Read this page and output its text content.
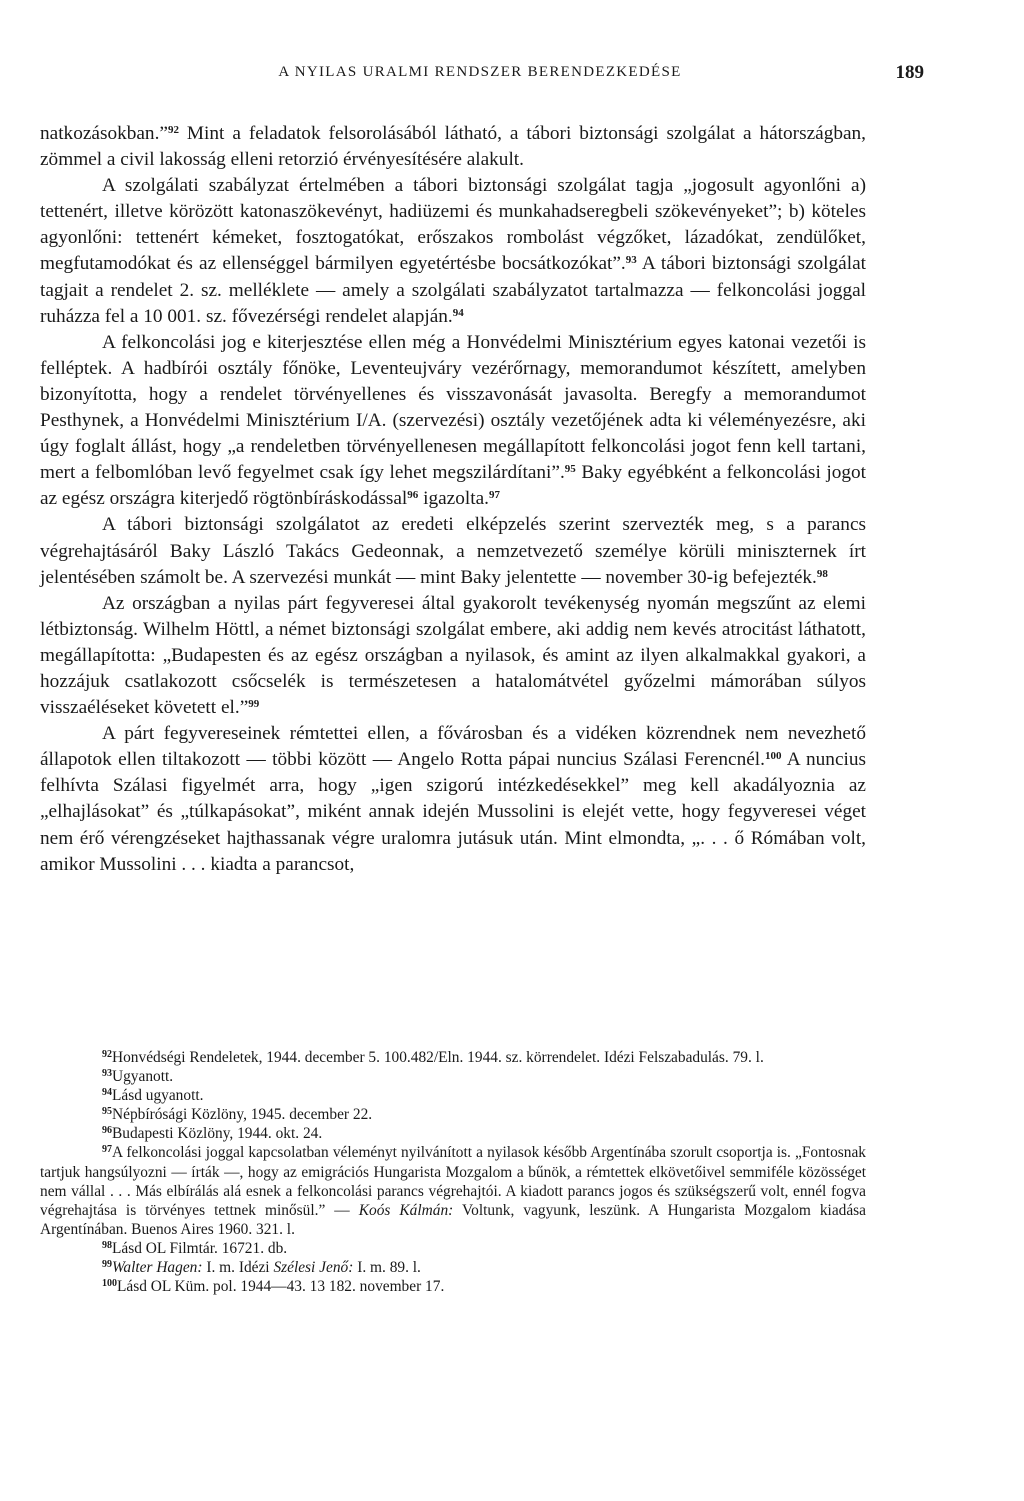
A NYILAS URALMI RENDSZER BERENDEZKEDÉSE	189

natkozásokban.”$^{92}$ Mint a feladatok felsorolásából látható, a tábori biztonsági szolgálat a hátországban, zömmel a civil lakosság elleni retorzió érvényesítésére alakult.

A szolgálati szabályzat értelmében a tábori biztonsági szolgálat tagja „jogosult agyonlőni a) tettenért, illetve körözött katonaszökevényt, hadiüzemi és munkahadseregbeli szökevényeket”; b) köteles agyonlőni: tettenért kémeket, fosztogatókat, erőszakos rombolást végzőket, lázadókat, zendülőket, megfutamodókat és az ellenséggel bármilyen egyetértésbe bocsátkozókat”.$^{93}$ A tábori biztonsági szolgálat tagjait a rendelet 2. sz. melléklete — amely a szolgálati szabályzatot tartalmazza — felkoncolási joggal ruházza fel a 10 001. sz. fővezérségi rendelet alapján.$^{94}$

A felkoncolási jog e kiterjesztése ellen még a Honvédelmi Minisztérium egyes katonai vezetői is felléptek. A hadbírói osztály főnöke, Leventeujváry vezérőrnagy, memorandumot készített, amelyben bizonyította, hogy a rendelet törvényellenes és visszavonását javasolta. Beregfy a memorandumot Pesthynek, a Honvédelmi Minisztérium I/A. (szervezési) osztály vezetőjének adta ki véleményezésre, aki úgy foglalt állást, hogy „a rendeletben törvényellenesen megállapított felkoncolási jogot fenn kell tartani, mert a felbomlóban levő fegyelmet csak így lehet megszilárdítani”.$^{95}$ Baky egyébként a felkoncolási jogot az egész országra kiterjedő rögtönbíráskodással$^{96}$ igazolta.$^{97}$

A tábori biztonsági szolgálatot az eredeti elképzelés szerint szervezték meg, s a parancs végrehajtásáról Baky László Takács Gedeonnak, a nemzetvezető személye körüli miniszternek írt jelentésében számolt be. A szervezési munkát — mint Baky jelentette — november 30-ig befejezték.$^{98}$

Az országban a nyilas párt fegyveresei által gyakorolt tevékenység nyomán megszűnt az elemi létbiztonság. Wilhelm Höttl, a német biztonsági szolgálat embere, aki addig nem kevés atrocitást láthatott, megállapította: „Budapesten és az egész országban a nyilasok, és amint az ilyen alkalmakkal gyakori, a hozzájuk csatlakozott csőcselék is természetesen a hatalomátvétel győzelmi mámorában súlyos visszaéléseket követett el.”$^{99}$

A párt fegyvereseinek rémtettei ellen, a fővárosban és a vidéken közrendnek nem nevezhető állapotok ellen tiltakozott — többi között — Angelo Rotta pápai nuncius Szálasi Ferencnél.$^{100}$ A nuncius felhívta Szálasi figyelmét arra, hogy „igen szigorú intézkedésekkel” meg kell akadályoznia az „elhajlásokat” és „túlkapásokat”, miként annak idején Mussolini is elejét vette, hogy fegyveresei véget nem érő vérengzéseket hajthassanak végre uralomra jutásuk után. Mint elmondta, „. . . ő Rómában volt, amikor Mussolini . . . kiadta a parancsot,

$^{92}$Honvédségi Rendeletek, 1944. december 5. 100.482/Eln. 1944. sz. körrendelet. Idézi Felszabadulás. 79. l.

$^{93}$Ugyanott.

$^{94}$Lásd ugyanott.

$^{95}$Népbírósági Közlöny, 1945. december 22.

$^{96}$Budapesti Közlöny, 1944. okt. 24.

$^{97}$A felkoncolási joggal kapcsolatban véleményt nyilvánított a nyilasok később Argentínába szorult csoportja is. „Fontosnak tartjuk hangsúlyozni — írták —, hogy az emigrációs Hungarista Mozgalom a bűnök, a rémtettek elkövetőivel semmiféle közösséget nem vállal . . . Más elbírálás alá esnek a felkoncolási parancs végrehajtói. A kiadott parancs jogos és szükségszerű volt, ennél fogva végrehajtása is törvényes tettnek minősül.” — Koós Kálmán: Voltunk, vagyunk, leszünk. A Hungarista Mozgalom kiadása Argentínában. Buenos Aires 1960. 321. l.

$^{98}$Lásd OL Filmtár. 16721. db.

$^{99}$Walter Hagen: I. m. Idézi Szélesi Jenő: I. m. 89. l.

$^{100}$Lásd OL Küm. pol. 1944—43. 13 182. november 17.
